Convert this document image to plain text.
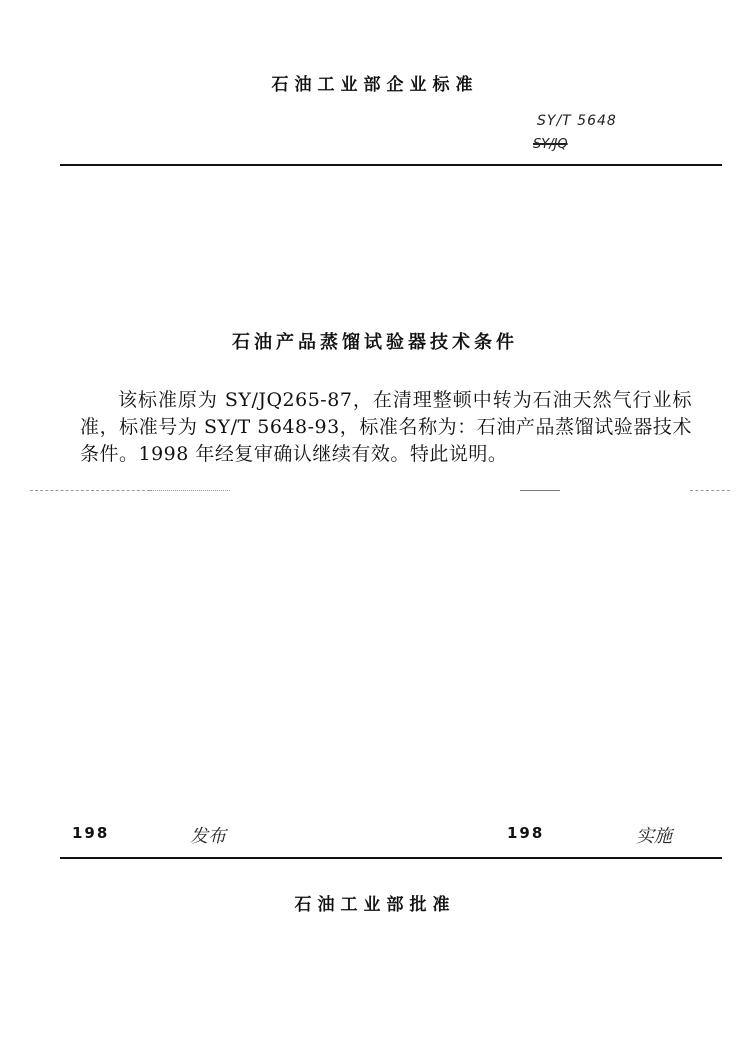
石油工业部企业标准
SY/T 5648
SY/JQ
石油产品蒸馏试验器技术条件
该标准原为 SY/JQ265-87，在清理整顿中转为石油天然气行业标准，标准号为 SY/T 5648-93，标准名称为：石油产品蒸馏试验器技术条件。1998 年经复审确认继续有效。特此说明。
198	发布	198	实施
石油工业部批准
